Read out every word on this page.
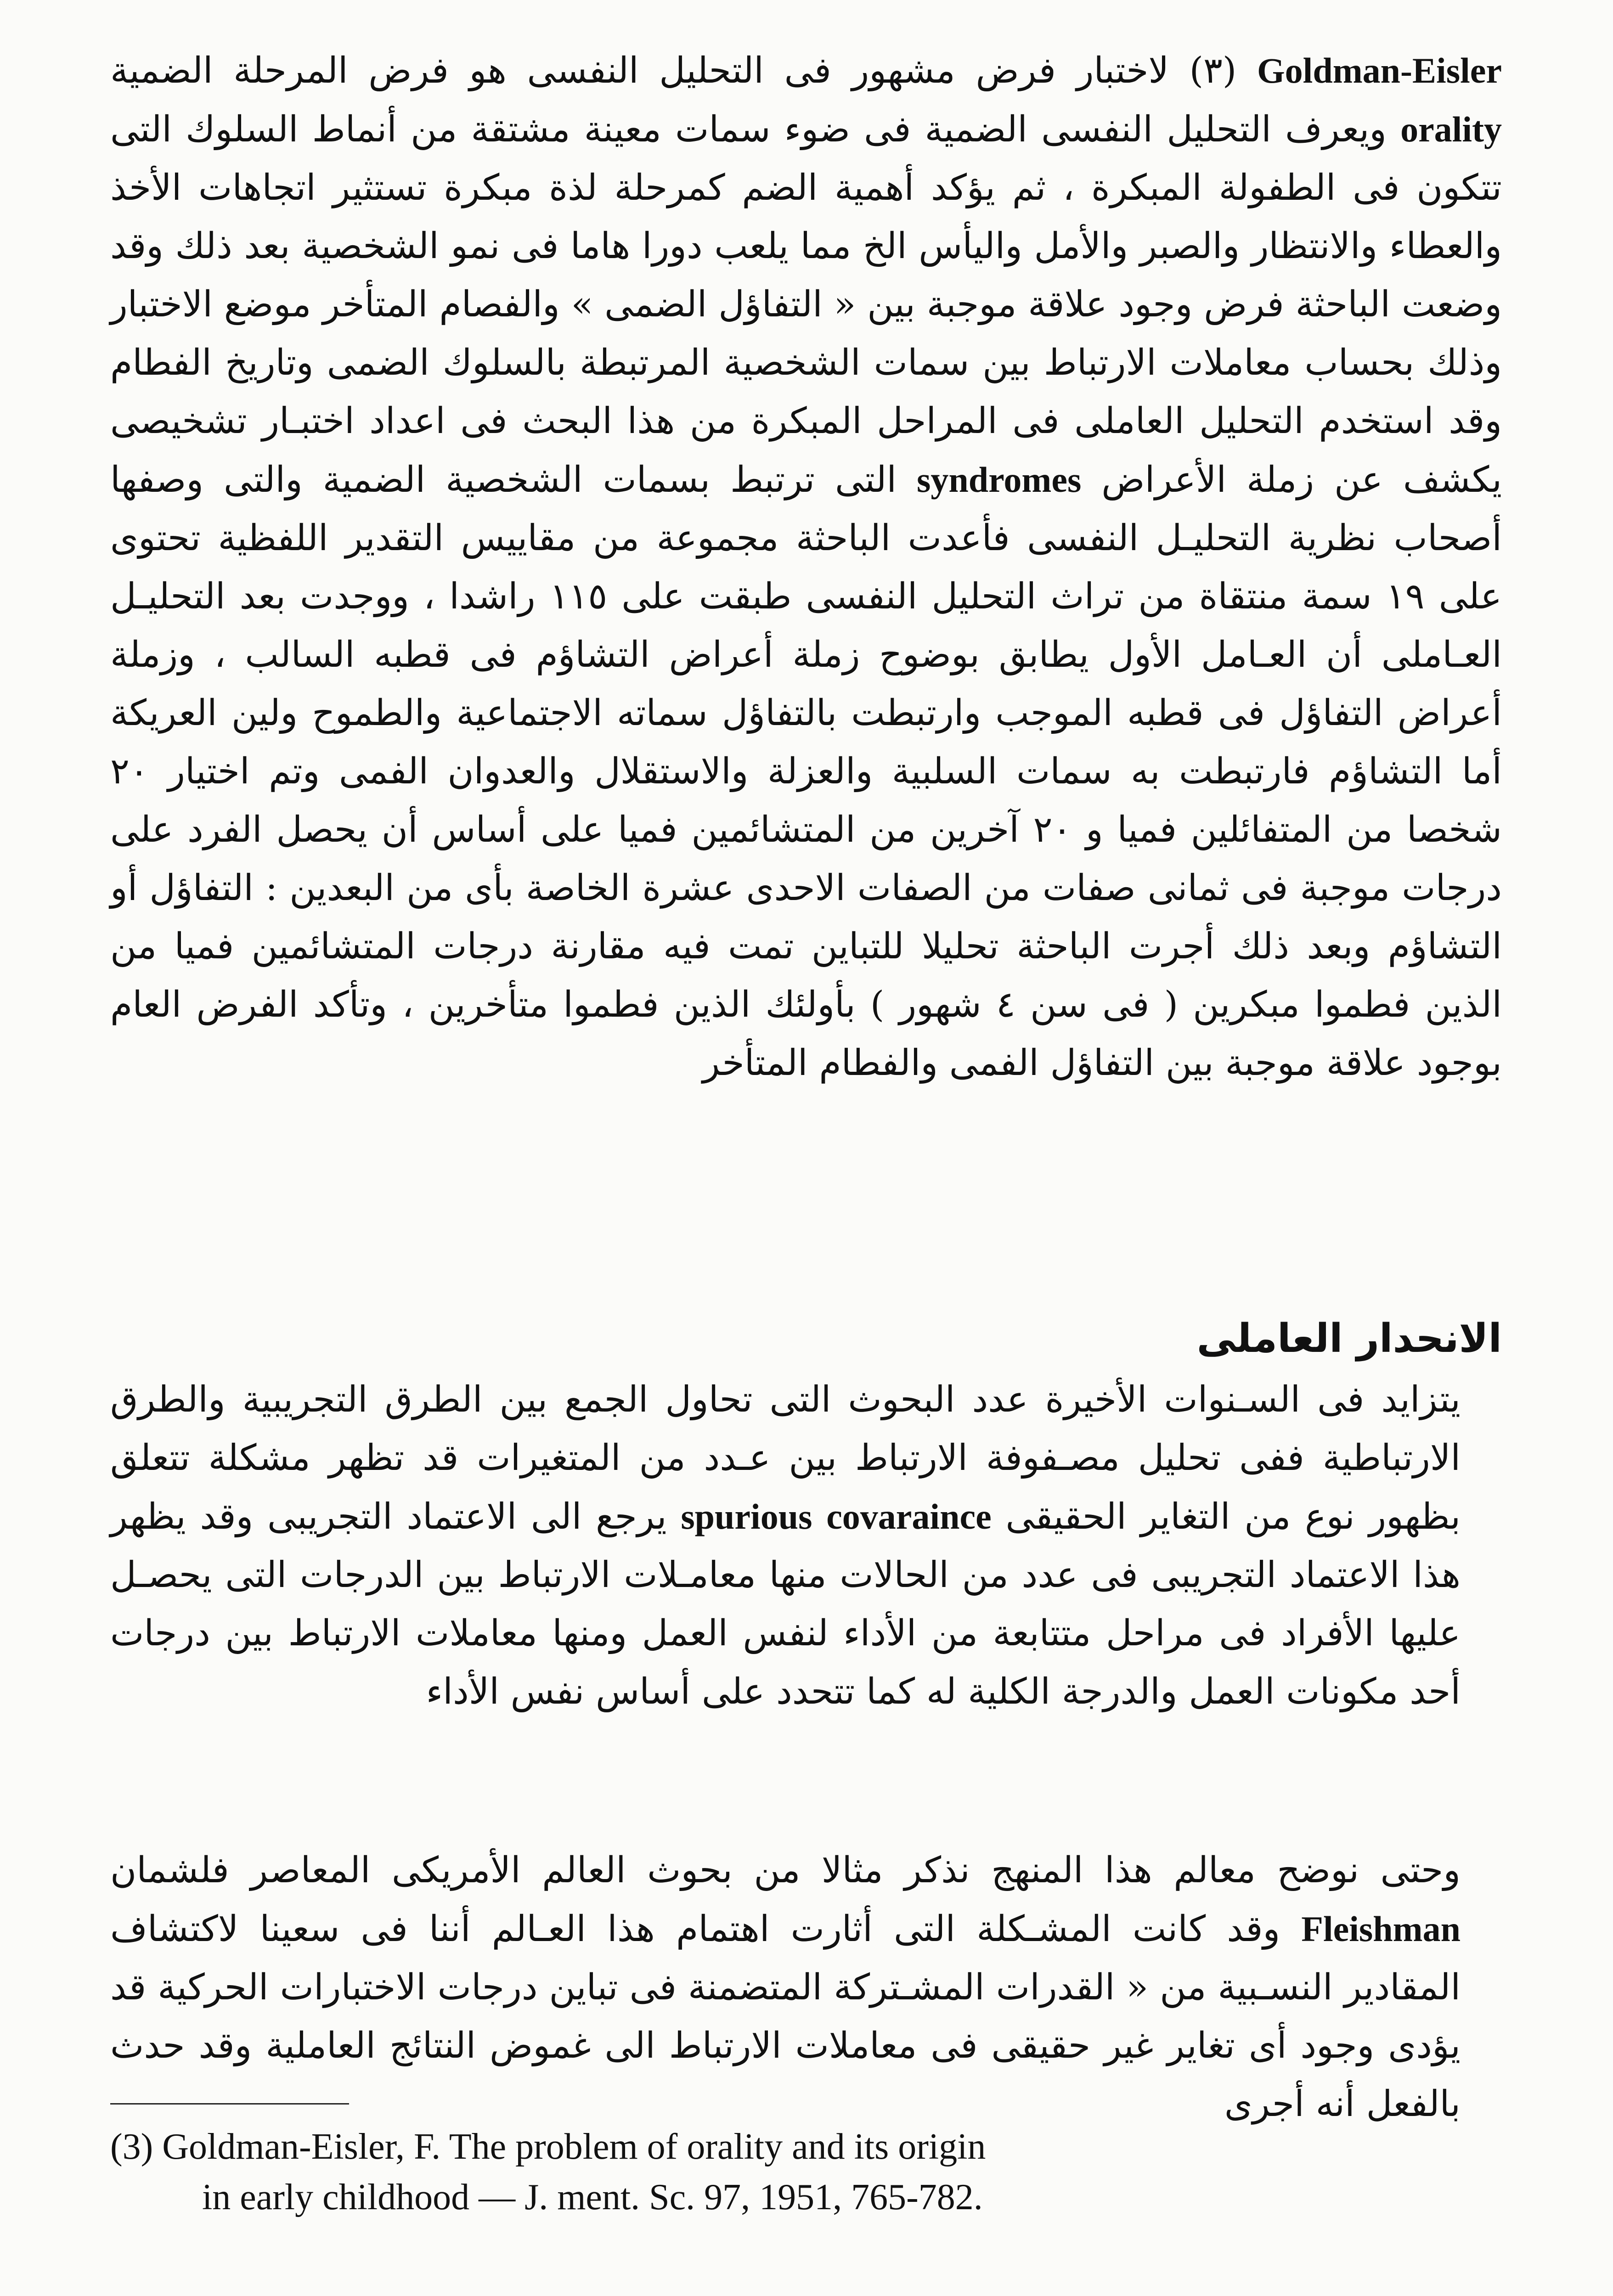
Goldman-Eisler (٣) لاختبار فرض مشهور فى التحليل النفسى هو فرض المرحلة الضمية orality ويعرف التحليل النفسى الضمية فى ضوء سمات معينة مشتقة من أنماط السلوك التى تتكون فى الطفولة المبكرة ، ثم يؤكد أهمية الضم كمرحلة لذة مبكرة تستثير اتجاهات الأخذ والعطاء والانتظار والصبر والأمل واليأس الخ مما يلعب دورا هاما فى نمو الشخصية بعد ذلك وقد وضعت الباحثة فرض وجود علاقة موجبة بين « التفاؤل الضمى » والفصام المتأخر موضع الاختبار وذلك بحساب معاملات الارتباط بين سمات الشخصية المرتبطة بالسلوك الضمى وتاريخ الفطام وقد استخدم التحليل العاملى فى المراحل المبكرة من هذا البحث فى اعداد اختبـار تشخيصى يكشف عن زملة الأعراض syndromes التى ترتبط بسمات الشخصية الضمية والتى وصفها أصحاب نظرية التحليـل النفسى فأعدت الباحثة مجموعة من مقاييس التقدير اللفظية تحتوى على ١٩ سمة منتقاة من تراث التحليل النفسى طبقت على ١١٥ راشدا ، ووجدت بعد التحليـل العـاملى أن العـامل الأول يطابق بوضوح زملة أعراض التشاؤم فى قطبه السالب ، وزملة أعراض التفاؤل فى قطبه الموجب وارتبطت بالتفاؤل سماته الاجتماعية والطموح ولين العريكة أما التشاؤم فارتبطت به سمات السلبية والعزلة والاستقلال والعدوان الفمى وتم اختيار ٢٠ شخصا من المتفائلين فميا و ٢٠ آخرين من المتشائمين فميا على أساس أن يحصل الفرد على درجات موجبة فى ثمانى صفات من الصفات الاحدى عشرة الخاصة بأى من البعدين : التفاؤل أو التشاؤم وبعد ذلك أجرت الباحثة تحليلا للتباين تمت فيه مقارنة درجات المتشائمين فميا من الذين فطموا مبكرين ( فى سن ٤ شهور ) بأولئك الذين فطموا متأخرين ، وتأكد الفرض العام بوجود علاقة موجبة بين التفاؤل الفمى والفطام المتأخر

الانحدار العاملى

يتزايد فى السـنوات الأخيرة عدد البحوث التى تحاول الجمع بين الطرق التجريبية والطرق الارتباطية ففى تحليل مصـفوفة الارتباط بين عـدد من المتغيرات قد تظهر مشكلة تتعلق بظهور نوع من التغاير الحقيقى spurious covaraince يرجع الى الاعتماد التجريبى وقد يظهر هذا الاعتماد التجريبى فى عدد من الحالات منها معامـلات الارتباط بين الدرجات التى يحصـل عليها الأفراد فى مراحل متتابعة من الأداء لنفس العمل ومنها معاملات الارتباط بين درجات أحد مكونات العمل والدرجة الكلية له كما تتحدد على أساس نفس الأداء

وحتى نوضح معالم هذا المنهج نذكر مثالا من بحوث العالم الأمريكى المعاصر فلشمان Fleishman وقد كانت المشـكلة التى أثارت اهتمام هذا العـالم أننا فى سعينا لاكتشاف المقادير النسـبية من « القدرات المشـتركة المتضمنة فى تباين درجات الاختبارات الحركية قد يؤدى وجود أى تغاير غير حقيقى فى معاملات الارتباط الى غموض النتائج العاملية وقد حدث بالفعل أنه أجرى

(3) Goldman-Eisler, F. The problem of orality and its origin
in early childhood — J. ment. Sc. 97, 1951, 765-782.
